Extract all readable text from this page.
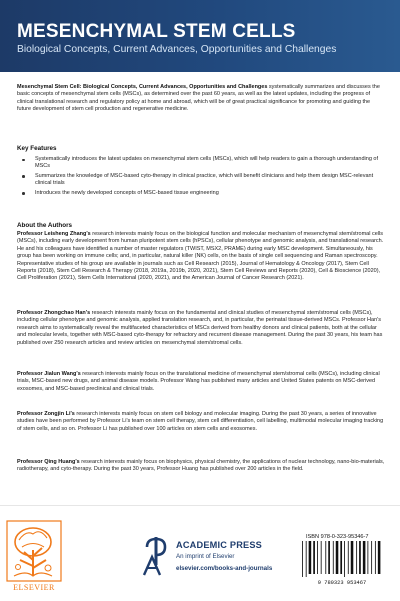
MESENCHYMAL STEM CELLS

Biological Concepts, Current Advances, Opportunities and Challenges

Mesenchymal Stem Cell: Biological Concepts, Current Advances, Opportunities and Challenges systematically summarizes and discusses the basic concepts of mesenchymal stem cells (MSCs), as determined over the past 60 years, as well as the latest updates, including the progress of clinical translational research and regulatory policy at home and abroad, which will be of great practical significance for promoting and guiding the future development of stem cell production and regenerative medicine.

Key Features
Systematically introduces the latest updates on mesenchymal stem cells (MSCs), which will help readers to gain a thorough understanding of MSCs
Summarizes the knowledge of MSC-based cyto-therapy in clinical practice, which will benefit clinicians and help them design MSC-relevant clinical trials
Introduces the newly developed concepts of MSC-based tissue engineering
About the Authors

Professor Leisheng Zhang's research interests mainly focus on the biological function and molecular mechanism of mesenchymal stem/stromal cells (MSCs), including early development from human pluripotent stem cells (hPSCs), cellular phenotype and genomic analysis, and translational research. He and his colleagues have identified a number of master regulators (TWIST, MSX2, PRAME) during early MSC development. Simultaneously, his group has been working on immune cells; and, in particular, natural killer (NK) cells, on the basis of single cell sequencing and Raman spectroscopy. Representative studies of his group are available in journals such as Cell Research (2015), Journal of Hematology & Oncology (2017), Stem Cell Reports (2018), Stem Cell Research & Therapy (2018, 2019a, 2019b, 2020, 2021), Stem Cell Reviews and Reports (2020), Cell & Bioscience (2020), Cell Proliferation (2021), Stem Cells International (2020, 2021), and the American Journal of Cancer Research (2021).

Professor Zhongchao Han's research interests mainly focus on the fundamental and clinical studies of mesenchymal stem/stromal cells (MSCs), including cellular phenotype and genomic analysis, applied translation research, and, in particular, the perinatal tissue-derived MSCs. Professor Han's research aims to systematically reveal the multifaceted characteristics of MSCs derived from healthy donors and clinical patients, both at the cellular and molecular levels, together with MSC-based cyto-therapy for refractory and recurrent disease management. During the past 30 years, his team has published over 250 research articles and review articles on mesenchymal stem/stromal cells.

Professor Jialun Wang's research interests mainly focus on the translational medicine of mesenchymal stem/stromal cells (MSCs), including clinical trials, MSC-based new drugs, and animal disease models. Professor Wang has published many articles and United States patents on MSC-derived exosomes, and MSC-based preclinical and clinical trials.

Professor Zongjin Li's research interests mainly focus on stem cell biology and molecular imaging. During the past 30 years, a series of innovative studies have been performed by Professor Li's team on stem cell therapy, stem cell differentiation, cell labelling, multimodal molecular imaging tracking of stem cells, and so on. Professor Li has published over 100 articles on stem cells and exosomes.

Professor Qing Huang's research interests mainly focus on biophysics, physical chemistry, the applications of nuclear technology, nano-bio-materials, radiotherapy, and cyto-therapy. During the past 30 years, Professor Huang has published over 200 articles in the field.

ELSEVIER

ACADEMIC PRESS

An imprint of Elsevier

elsevier.com/books-and-journals

ISBN 978-0-323-95346-7

9 780323 953467
